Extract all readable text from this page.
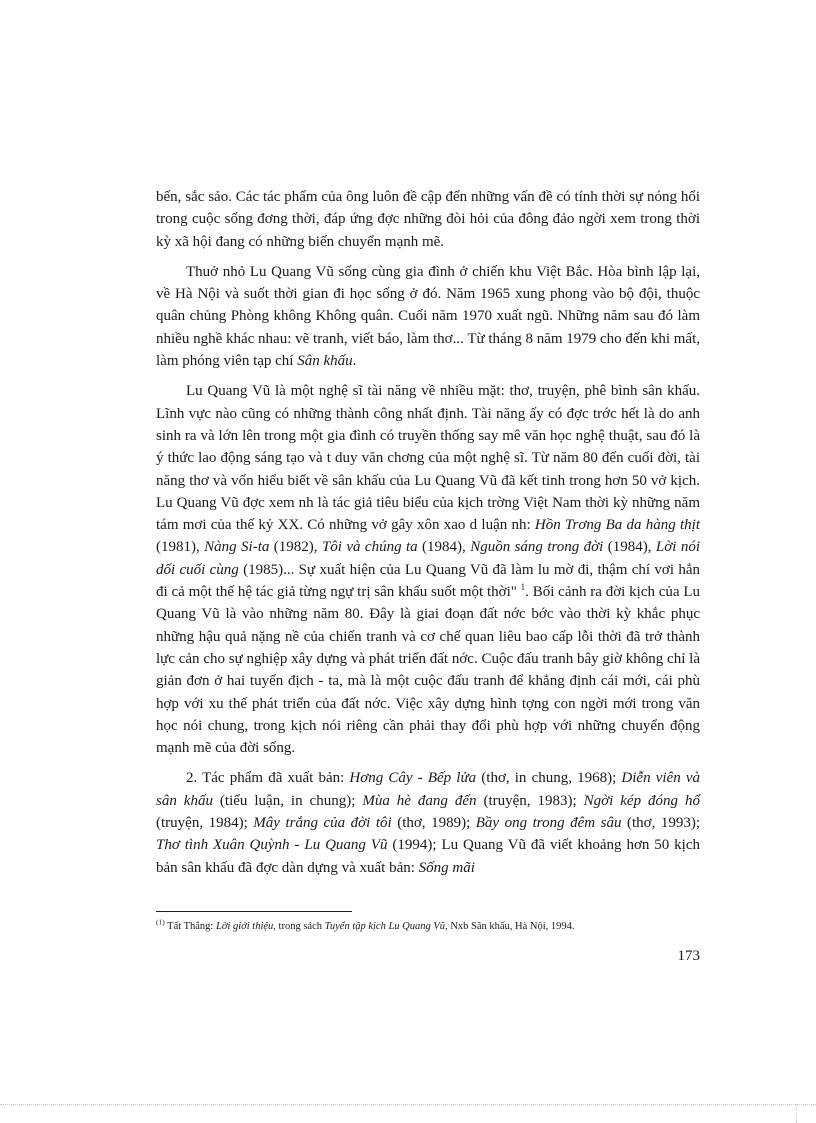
bến, sắc sảo. Các tác phẩm của ông luôn đề cập đến những vấn đề có tính thời sự nóng hổi trong cuộc sống đơng thời, đáp ứng đợc những đòi hỏi của đông đảo ngời xem trong thời kỳ xã hội đang có những biến chuyển mạnh mẽ.

Thuở nhỏ Lu Quang Vũ sống cùng gia đình ở chiến khu Việt Bắc. Hòa bình lập lại, về Hà Nội và suốt thời gian đi học sống ở đó. Năm 1965 xung phong vào bộ đội, thuộc quân chủng Phòng không Không quân. Cuối năm 1970 xuất ngũ. Những năm sau đó làm nhiều nghề khác nhau: vẽ tranh, viết báo, làm thơ... Từ tháng 8 năm 1979 cho đến khi mất, làm phóng viên tạp chí Sân khấu.

Lu Quang Vũ là một nghệ sĩ tài năng về nhiều mặt: thơ, truyện, phê bình sân khấu. Lĩnh vực nào cũng có những thành công nhất định. Tài năng ấy có đợc trớc hết là do anh sinh ra và lớn lên trong một gia đình có truyền thống say mê văn học nghệ thuật, sau đó là ý thức lao động sáng tạo và t duy văn chơng của một nghệ sĩ. Từ năm 80 đến cuối đời, tài năng thơ và vốn hiểu biết về sân khấu của Lu Quang Vũ đã kết tinh trong hơn 50 vở kịch. Lu Quang Vũ đợc xem nh là tác giả tiêu biểu của kịch trờng Việt Nam thời kỳ những năm tám mơi của thế kỷ XX. Có những vở gây xôn xao d luận nh: Hồn Trơng Ba da hàng thịt (1981), Nàng Si-ta (1982), Tôi và chúng ta (1984), Nguồn sáng trong đời (1984), Lời nói dối cuối cùng (1985)... Sự xuất hiện của Lu Quang Vũ đã làm lu mờ đi, thậm chí vơi hẳn đi cả một thế hệ tác giả từng ngự trị sân khấu suốt một thời" $^1$. Bối cảnh ra đời kịch của Lu Quang Vũ là vào những năm 80. Đây là giai đoạn đất nớc bớc vào thời kỳ khắc phục những hậu quả nặng nề của chiến tranh và cơ chế quan liêu bao cấp lỗi thời đã trở thành lực cản cho sự nghiệp xây dựng và phát triển đất nớc. Cuộc đấu tranh bây giờ không chỉ là giản đơn ở hai tuyến địch - ta, mà là một cuộc đấu tranh để khẳng định cái mới, cái phù hợp với xu thế phát triển của đất nớc. Việc xây dựng hình tợng con ngời mới trong văn học nói chung, trong kịch nói riêng cần phải thay đổi phù hợp với những chuyển động mạnh mẽ của đời sống.

2. Tác phẩm đã xuất bản: Hơng Cây - Bếp lửa (thơ, in chung, 1968); Diễn viên và sân khấu (tiểu luận, in chung); Mùa hè đang đến (truyện, 1983); Ngời kép đóng hổ (truyện, 1984); Mây trắng của đời tôi (thơ, 1989); Bầy ong trong đêm sâu (thơ, 1993); Thơ tình Xuân Quỳnh - Lu Quang Vũ (1994); Lu Quang Vũ đã viết khoảng hơn 50 kịch bản sân khấu đã đợc dàn dựng và xuất bản: Sống mãi

$^{(1)}$ Tất Thắng: Lời giới thiệu, trong sách Tuyển tập kịch Lu Quang Vũ, Nxb Sân khấu, Hà Nội, 1994.
173
